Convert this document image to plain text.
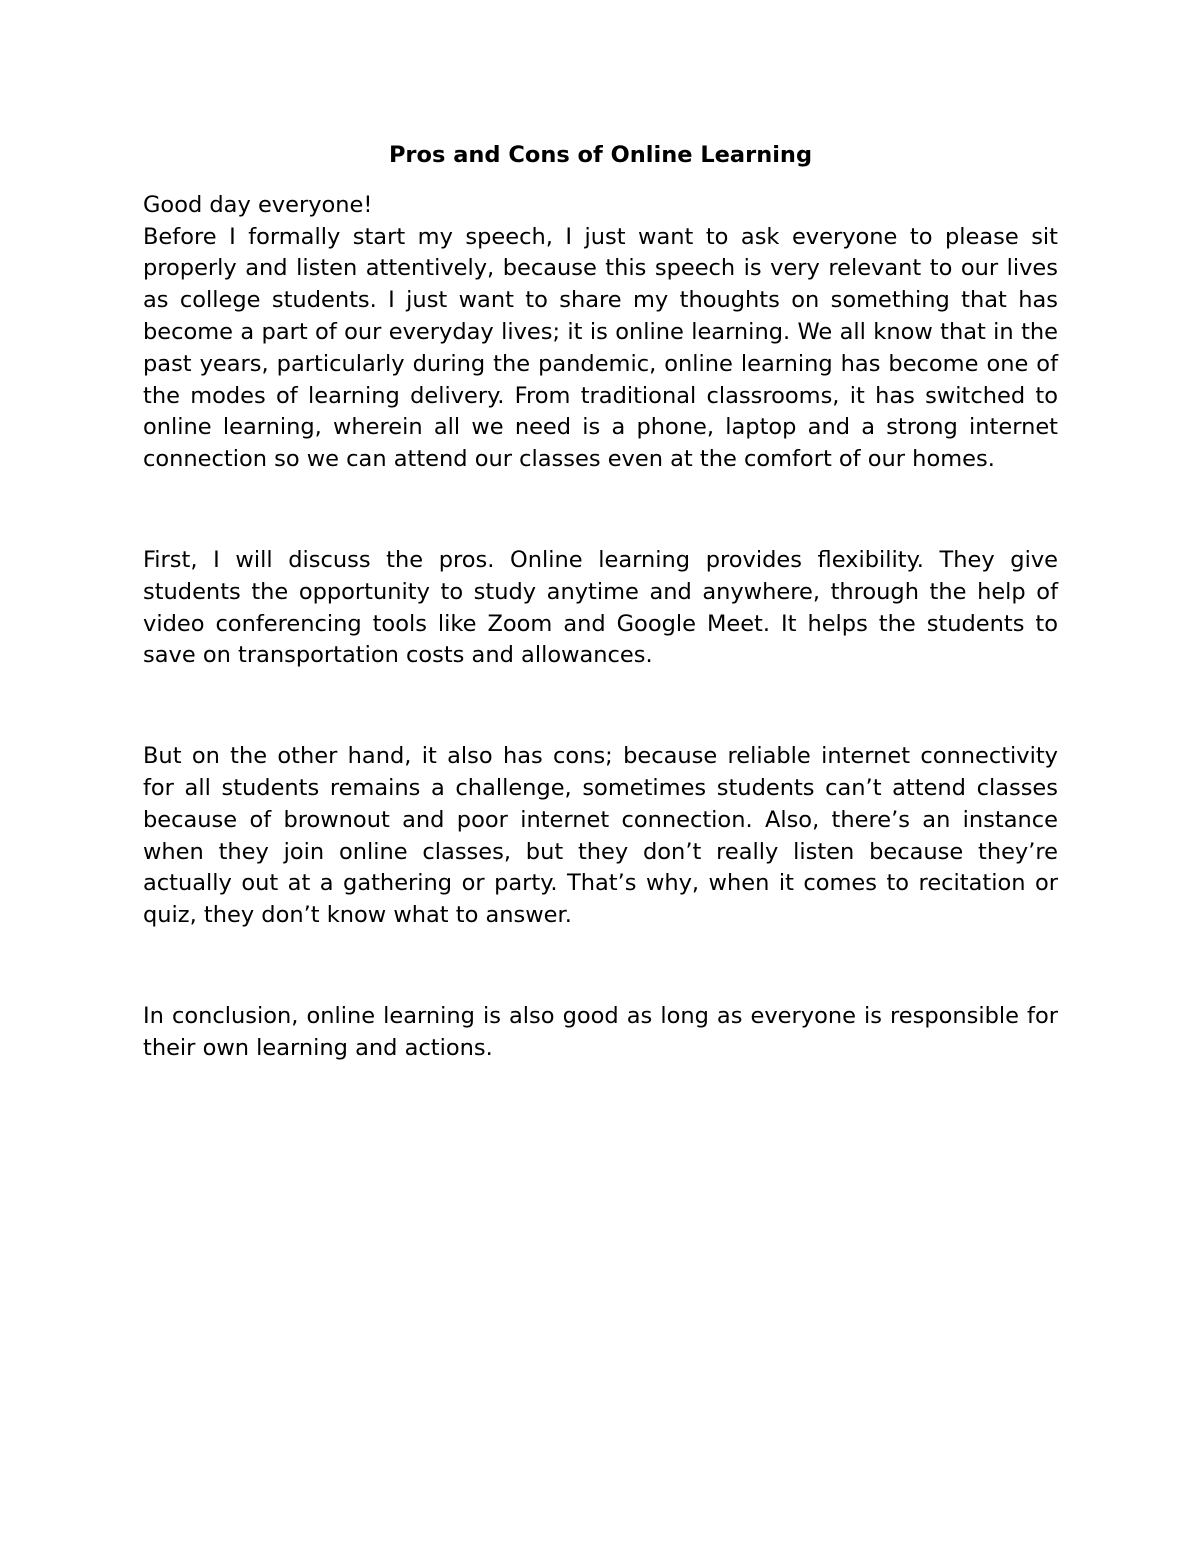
Pros and Cons of Online Learning

Good day everyone!

Before I formally start my speech, I just want to ask everyone to please sit properly and listen attentively, because this speech is very relevant to our lives as college students. I just want to share my thoughts on something that has become a part of our everyday lives; it is online learning. We all know that in the past years, particularly during the pandemic, online learning has become one of the modes of learning delivery. From traditional classrooms, it has switched to online learning, wherein all we need is a phone, laptop and a strong internet connection so we can attend our classes even at the comfort of our homes.

First, I will discuss the pros. Online learning provides flexibility. They give students the opportunity to study anytime and anywhere, through the help of video conferencing tools like Zoom and Google Meet. It helps the students to save on transportation costs and allowances.

But on the other hand, it also has cons; because reliable internet connectivity for all students remains a challenge, sometimes students can’t attend classes because of brownout and poor internet connection. Also, there’s an instance when they join online classes, but they don’t really listen because they’re actually out at a gathering or party. That’s why, when it comes to recitation or quiz, they don’t know what to answer.

In conclusion, online learning is also good as long as everyone is responsible for their own learning and actions.
